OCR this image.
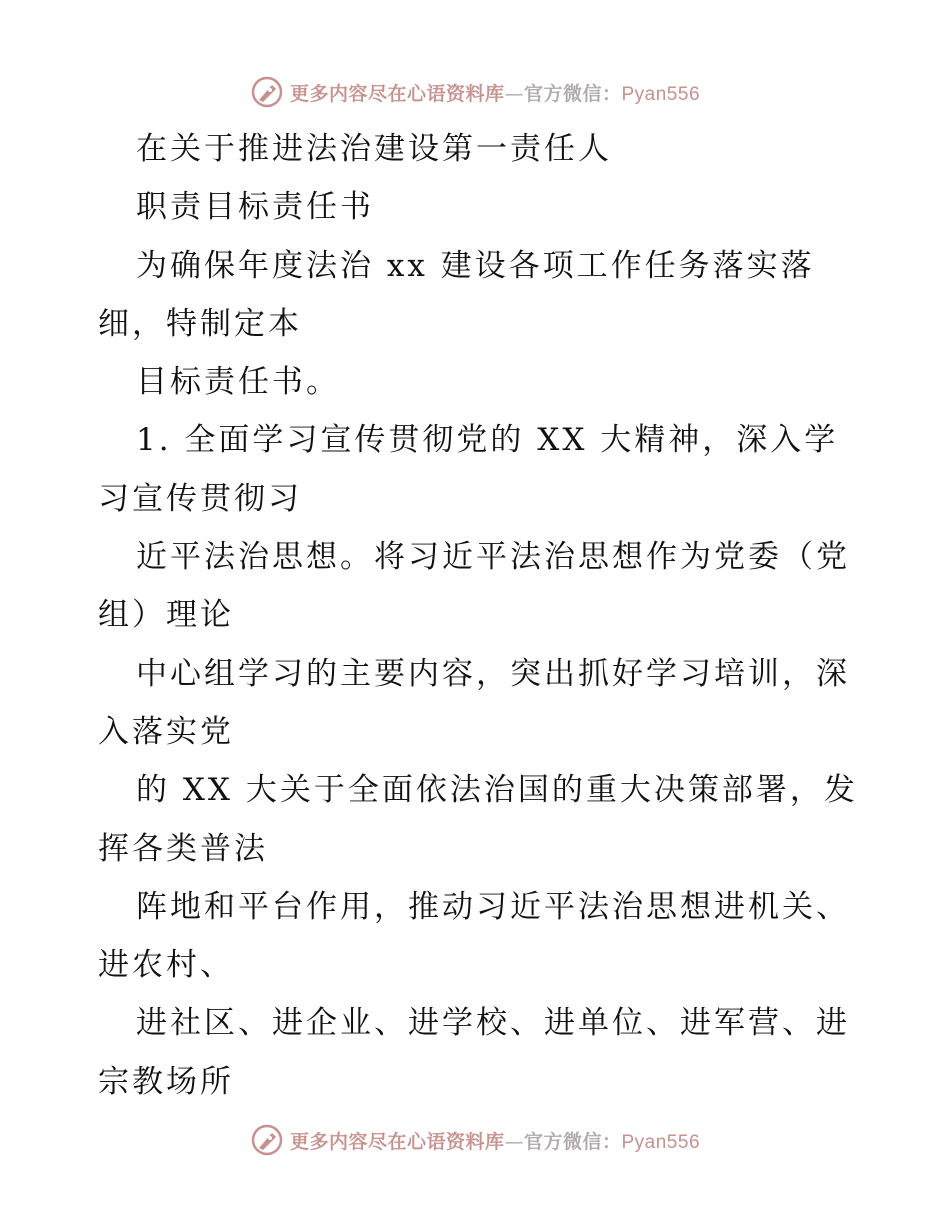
更多内容尽在心语资料库—官方微信：Pyan556
在关于推进法治建设第一责任人
职责目标责任书
为确保年度法治 xx 建设各项工作任务落实落
细，特制定本
目标责任书。
1. 全面学习宣传贯彻党的 XX 大精神，深入学
习宣传贯彻习
近平法治思想。将习近平法治思想作为党委（党
组）理论
中心组学习的主要内容，突出抓好学习培训，深
入落实党
的 XX 大关于全面依法治国的重大决策部署，发
挥各类普法
阵地和平台作用，推动习近平法治思想进机关、
进农村、
进社区、进企业、进学校、进单位、进军营、进
宗教场所
更多内容尽在心语资料库—官方微信：Pyan556
